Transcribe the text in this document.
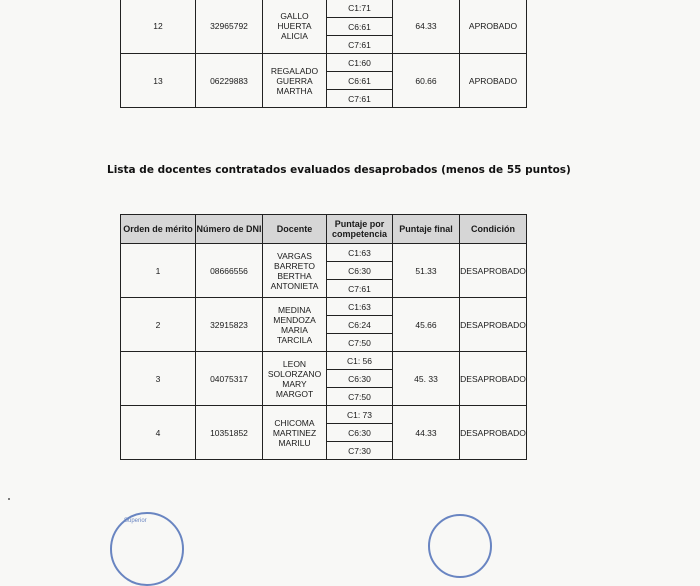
12	32965792	GALLO
HUERTA
ALICIA	C1:71	64.33	APROBADO
			C6:61		
			C7:61		
13	06229883	REGALADO
GUERRA
MARTHA	C1:60	60.66	APROBADO
			C6:61		
			C7:61		
Lista de docentes contratados evaluados desaprobados (menos de 55 puntos)
Orden de mérito	Número de DNI	Docente	Puntaje por competencia	Puntaje final	Condición
1	08666556	VARGAS
BARRETO
BERTHA
ANTONIETA	C1:63	51.33	DESAPROBADO
			C6:30		
			C7:61		
2	32915823	MEDINA
MENDOZA
MARIA
TARCILA	C1:63	45.66	DESAPROBADO
			C6:24		
			C7:50		
3	04075317	LEON
SOLORZANO
MARY
MARGOT	C1: 56	45. 33	DESAPROBADO
			C6:30		
			C7:50		
4	10351852	CHICOMA
MARTINEZ
MARILU	C1: 73	44.33	DESAPROBADO
			C6:30		
			C7:30		
Superior
